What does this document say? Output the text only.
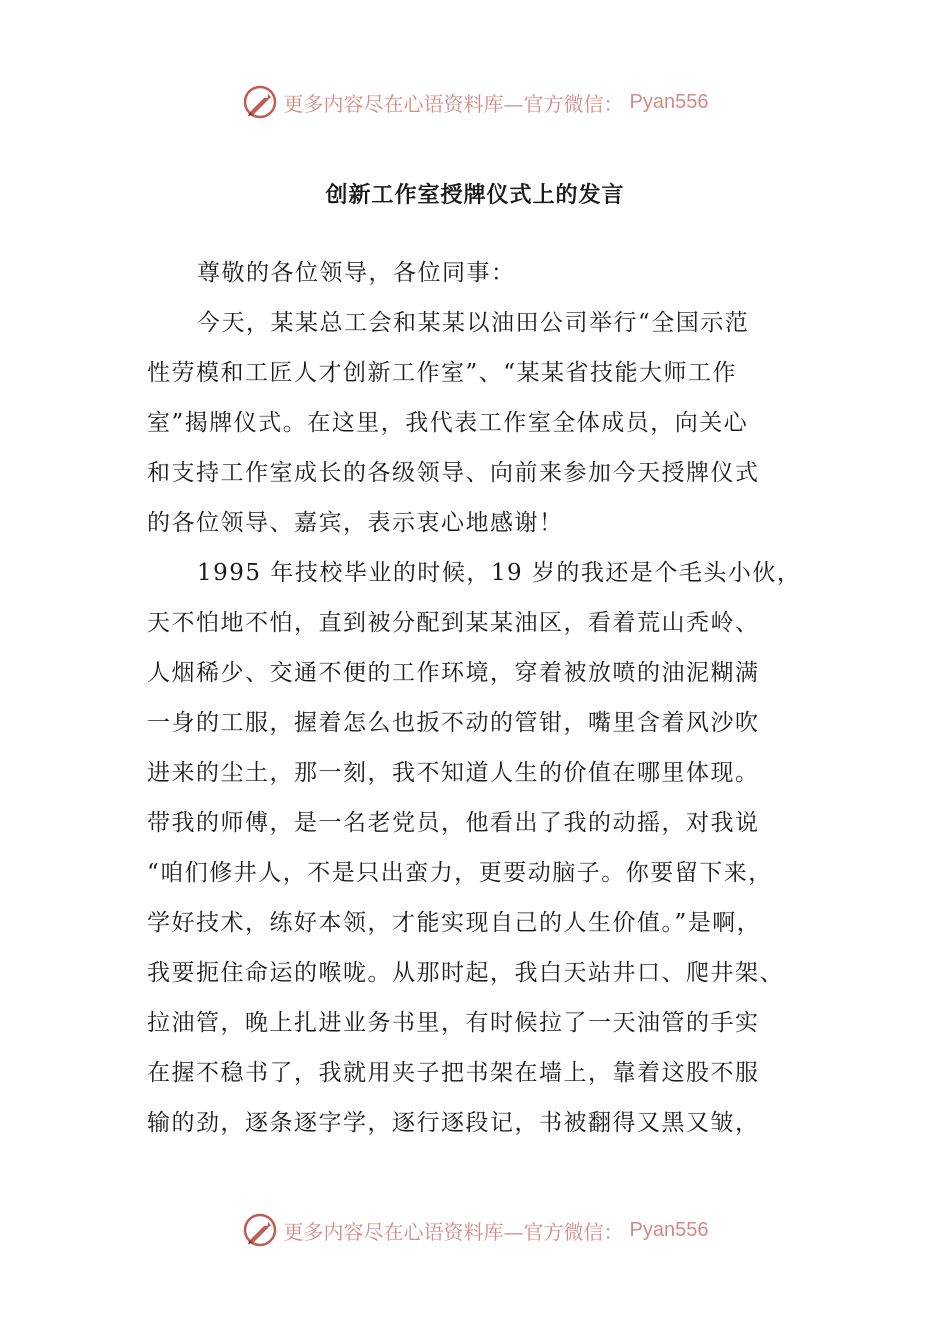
更多内容尽在心语资料库—官方微信： Pyan556
创新工作室授牌仪式上的发言
尊敬的各位领导，各位同事：
今天，某某总工会和某某以油田公司举行“全国示范
性劳模和工匠人才创新工作室”、“某某省技能大师工作
室”揭牌仪式。在这里，我代表工作室全体成员，向关心
和支持工作室成长的各级领导、向前来参加今天授牌仪式
的各位领导、嘉宾，表示衷心地感谢！
1995 年技校毕业的时候，19 岁的我还是个毛头小伙，
天不怕地不怕，直到被分配到某某油区，看着荒山秃岭、
人烟稀少、交通不便的工作环境，穿着被放喷的油泥糊满
一身的工服，握着怎么也扳不动的管钳，嘴里含着风沙吹
进来的尘土，那一刻，我不知道人生的价值在哪里体现。
带我的师傅，是一名老党员，他看出了我的动摇，对我说
“咱们修井人，不是只出蛮力，更要动脑子。你要留下来，
学好技术，练好本领，才能实现自己的人生价值。”是啊，
我要扼住命运的喉咙。从那时起，我白天站井口、爬井架、
拉油管，晚上扎进业务书里，有时候拉了一天油管的手实
在握不稳书了，我就用夹子把书架在墙上，靠着这股不服
输的劲，逐条逐字学，逐行逐段记，书被翻得又黑又皱，
更多内容尽在心语资料库—官方微信： Pyan556
